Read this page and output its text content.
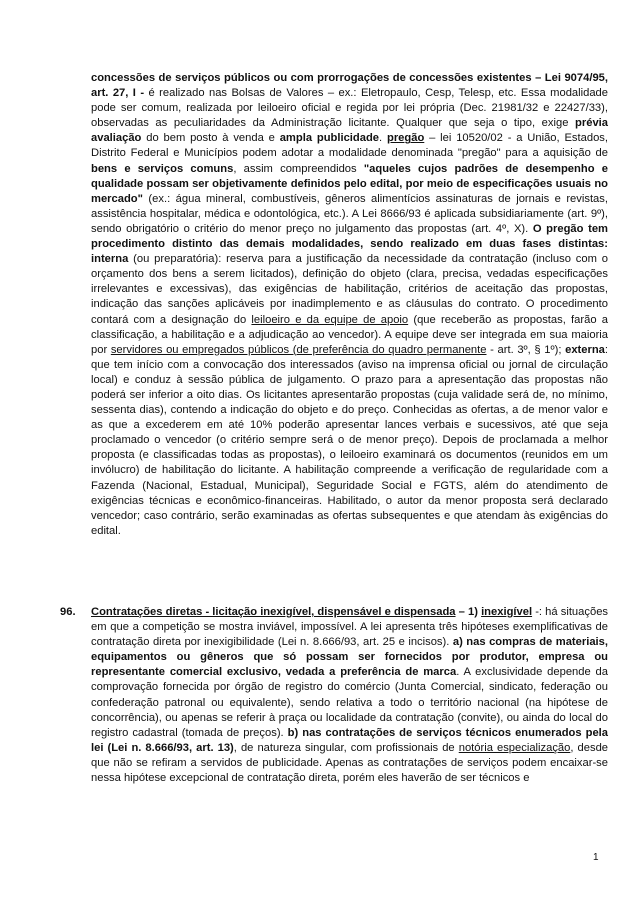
concessões de serviços públicos ou com prorrogações de concessões existentes – Lei 9074/95, art. 27, I - é realizado nas Bolsas de Valores – ex.: Eletropaulo, Cesp, Telesp, etc. Essa modalidade pode ser comum, realizada por leiloeiro oficial e regida por lei própria (Dec. 21981/32 e 22427/33), observadas as peculiaridades da Administração licitante. Qualquer que seja o tipo, exige prévia avaliação do bem posto à venda e ampla publicidade. pregão – lei 10520/02 - a União, Estados, Distrito Federal e Municípios podem adotar a modalidade denominada "pregão" para a aquisição de bens e serviços comuns, assim compreendidos "aqueles cujos padrões de desempenho e qualidade possam ser objetivamente definidos pelo edital, por meio de especificações usuais no mercado" (ex.: água mineral, combustíveis, gêneros alimentícios assinaturas de jornais e revistas, assistência hospitalar, médica e odontológica, etc.). A Lei 8666/93 é aplicada subsidiariamente (art. 9º), sendo obrigatório o critério do menor preço no julgamento das propostas (art. 4º, X). O pregão tem procedimento distinto das demais modalidades, sendo realizado em duas fases distintas: interna (ou preparatória): reserva para a justificação da necessidade da contratação (incluso com o orçamento dos bens a serem licitados), definição do objeto (clara, precisa, vedadas especificações irrelevantes e excessivas), das exigências de habilitação, critérios de aceitação das propostas, indicação das sanções aplicáveis por inadimplemento e as cláusulas do contrato. O procedimento contará com a designação do leiloeiro e da equipe de apoio (que receberão as propostas, farão a classificação, a habilitação e a adjudicação ao vencedor). A equipe deve ser integrada em sua maioria por servidores ou empregados públicos (de preferência do quadro permanente - art. 3º, § 1º); externa: que tem início com a convocação dos interessados (aviso na imprensa oficial ou jornal de circulação local) e conduz à sessão pública de julgamento. O prazo para a apresentação das propostas não poderá ser inferior a oito dias. Os licitantes apresentarão propostas (cuja validade será de, no mínimo, sessenta dias), contendo a indicação do objeto e do preço. Conhecidas as ofertas, a de menor valor e as que a excederem em até 10% poderão apresentar lances verbais e sucessivos, até que seja proclamado o vencedor (o critério sempre será o de menor preço). Depois de proclamada a melhor proposta (e classificadas todas as propostas), o leiloeiro examinará os documentos (reunidos em um invólucro) de habilitação do licitante. A habilitação compreende a verificação de regularidade com a Fazenda (Nacional, Estadual, Municipal), Seguridade Social e FGTS, além do atendimento de exigências técnicas e econômico-financeiras. Habilitado, o autor da menor proposta será declarado vencedor; caso contrário, serão examinadas as ofertas subsequentes e que atendam às exigências do edital.

96. Contratações diretas - licitação inexigível, dispensável e dispensada – 1) inexigível -: há situações em que a competição se mostra inviável, impossível. A lei apresenta três hipóteses exemplificativas de contratação direta por inexigibilidade (Lei n. 8.666/93, art. 25 e incisos). a) nas compras de materiais, equipamentos ou gêneros que só possam ser fornecidos por produtor, empresa ou representante comercial exclusivo, vedada a preferência de marca. A exclusividade depende da comprovação fornecida por órgão de registro do comércio (Junta Comercial, sindicato, federação ou confederação patronal ou equivalente), sendo relativa a todo o território nacional (na hipótese de concorrência), ou apenas se referir à praça ou localidade da contratação (convite), ou ainda do local do registro cadastral (tomada de preços). b) nas contratações de serviços técnicos enumerados pela lei (Lei n. 8.666/93, art. 13), de natureza singular, com profissionais de notória especialização, desde que não se refiram a servidos de publicidade. Apenas as contratações de serviços podem encaixar-se nessa hipótese excepcional de contratação direta, porém eles haverão de ser técnicos e

1
